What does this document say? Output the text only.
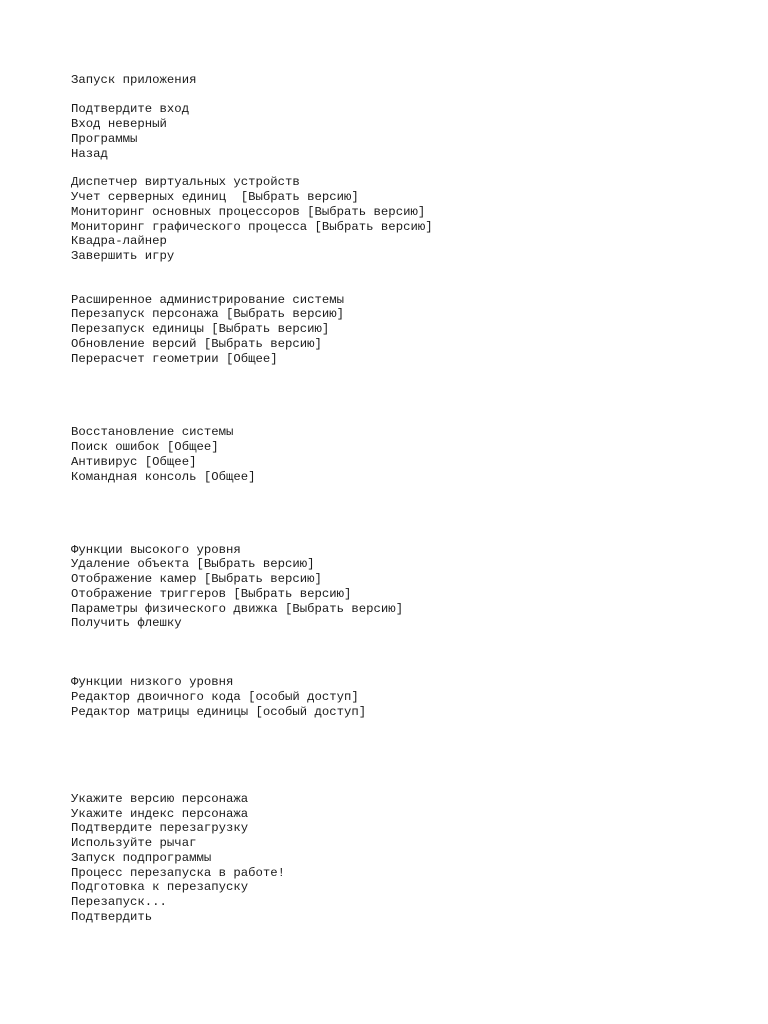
Запуск приложения
Подтвердите вход
Вход неверный
Программы
Назад
Диспетчер виртуальных устройств
Учет серверных единиц  [Выбрать версию]
Мониторинг основных процессоров [Выбрать версию]
Мониторинг графического процесса [Выбрать версию]
Квадра-лайнер
Завершить игру
Расширенное администрирование системы
Перезапуск персонажа [Выбрать версию]
Перезапуск единицы [Выбрать версию]
Обновление версий [Выбрать версию]
Перерасчет геометрии [Общее]
Восстановление системы
Поиск ошибок [Общее]
Антивирус [Общее]
Командная консоль [Общее]
Функции высокого уровня
Удаление объекта [Выбрать версию]
Отображение камер [Выбрать версию]
Отображение триггеров [Выбрать версию]
Параметры физического движка [Выбрать версию]
Получить флешку
Функции низкого уровня
Редактор двоичного кода [особый доступ]
Редактор матрицы единицы [особый доступ]
Укажите версию персонажа
Укажите индекс персонажа
Подтвердите перезагрузку
Используйте рычаг
Запуск подпрограммы
Процесс перезапуска в работе!
Подготовка к перезапуску
Перезапуск...
Подтвердить
